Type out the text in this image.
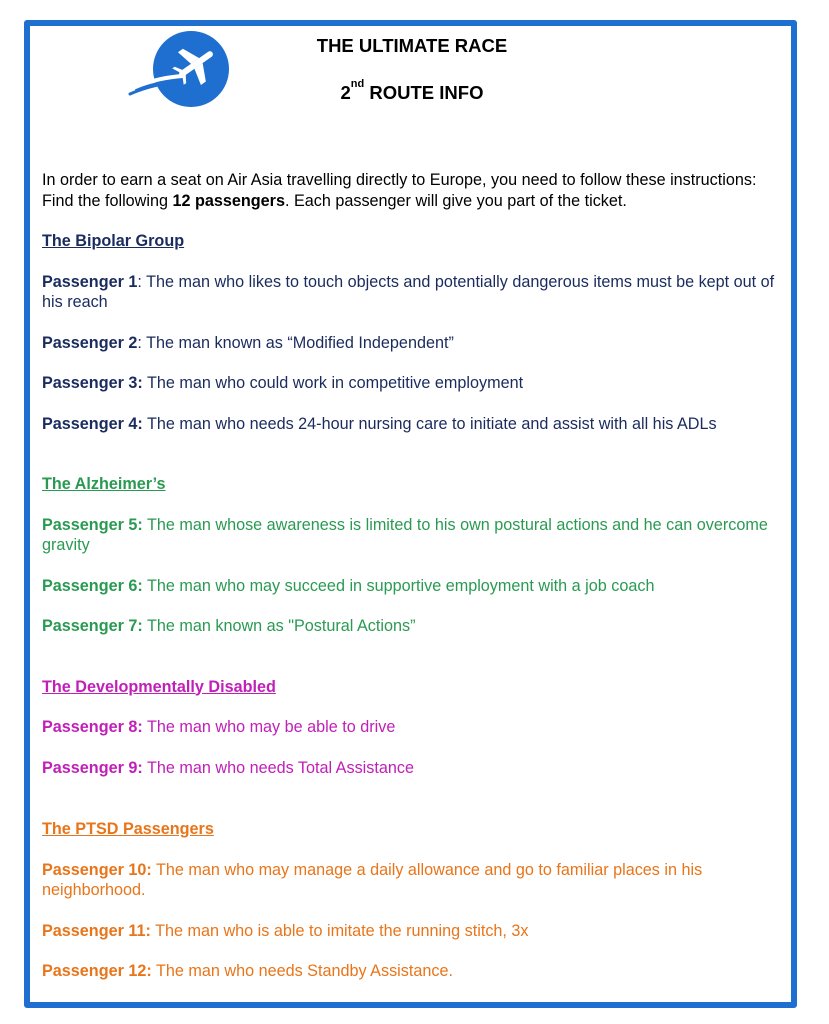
THE ULTIMATE RACE
2nd ROUTE INFO

In order to earn a seat on Air Asia travelling directly to Europe, you need to follow these instructions: Find the following 12 passengers. Each passenger will give you part of the ticket.

The Bipolar Group

Passenger 1: The man who likes to touch objects and potentially dangerous items must be kept out of his reach

Passenger 2: The man known as “Modified Independent”

Passenger 3: The man who could work in competitive employment

Passenger 4: The man who needs 24-hour nursing care to initiate and assist with all his ADLs

The Alzheimer’s

Passenger 5: The man whose awareness is limited to his own postural actions and he can overcome gravity

Passenger 6: The man who may succeed in supportive employment with a job coach

Passenger 7: The man known as "Postural Actions”

The Developmentally Disabled

Passenger 8: The man who may be able to drive

Passenger 9: The man who needs Total Assistance

The PTSD Passengers

Passenger 10: The man who may manage a daily allowance and go to familiar places in his neighborhood.

Passenger 11: The man who is able to imitate the running stitch, 3x

Passenger 12: The man who needs Standby Assistance.
